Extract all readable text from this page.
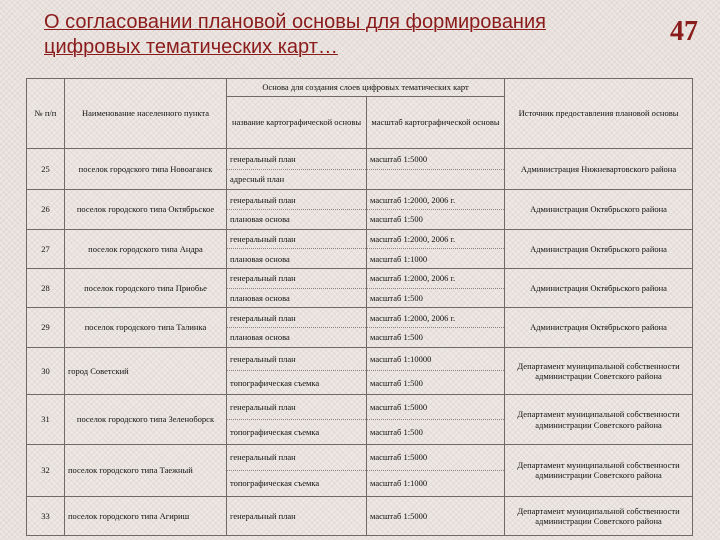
О согласовании плановой основы для формирования цифровых тематических карт…	47
№ п/п	Наименование населенного пункта	Основа для создания слоев цифровых тематических карт		Источник предоставления плановой основы
		название картографической основы	масштаб картографической основы	
25	поселок городского типа Новоаганск	генеральный план	масштаб 1:5000	Администрация Нижневартовского района
		адресный план		
26	поселок городского типа Октябрьское	генеральный план	масштаб 1:2000, 2006 г.	Администрация Октябрьского района
		плановая основа	масштаб 1:500	
27	поселок городского типа Андра	генеральный план	масштаб 1:2000, 2006 г.	Администрация Октябрьского района
		плановая основа	масштаб 1:1000	
28	поселок городского типа Приобье	генеральный план	масштаб 1:2000, 2006 г.	Администрация Октябрьского района
		плановая основа	масштаб 1:500	
29	поселок городского типа Талинка	генеральный план	масштаб 1:2000, 2006 г.	Администрация Октябрьского района
		плановая основа	масштаб 1:500	
30	город Советский	генеральный план	масштаб 1:10000	Департамент муниципальной собственности администрации Советского района
		топографическая съемка	масштаб 1:500	
31	поселок городского типа Зеленоборск	генеральный план	масштаб 1:5000	Департамент муниципальной собственности администрации Советского района
		топографическая съемка	масштаб 1:500	
32	поселок городского типа Таежный	генеральный план	масштаб 1:5000	Департамент муниципальной собственности администрации Советского района
		топографическая съемка	масштаб 1:1000	
33	поселок городского типа Агириш	генеральный план	масштаб 1:5000	Департамент муниципальной собственности администрации Советского района
